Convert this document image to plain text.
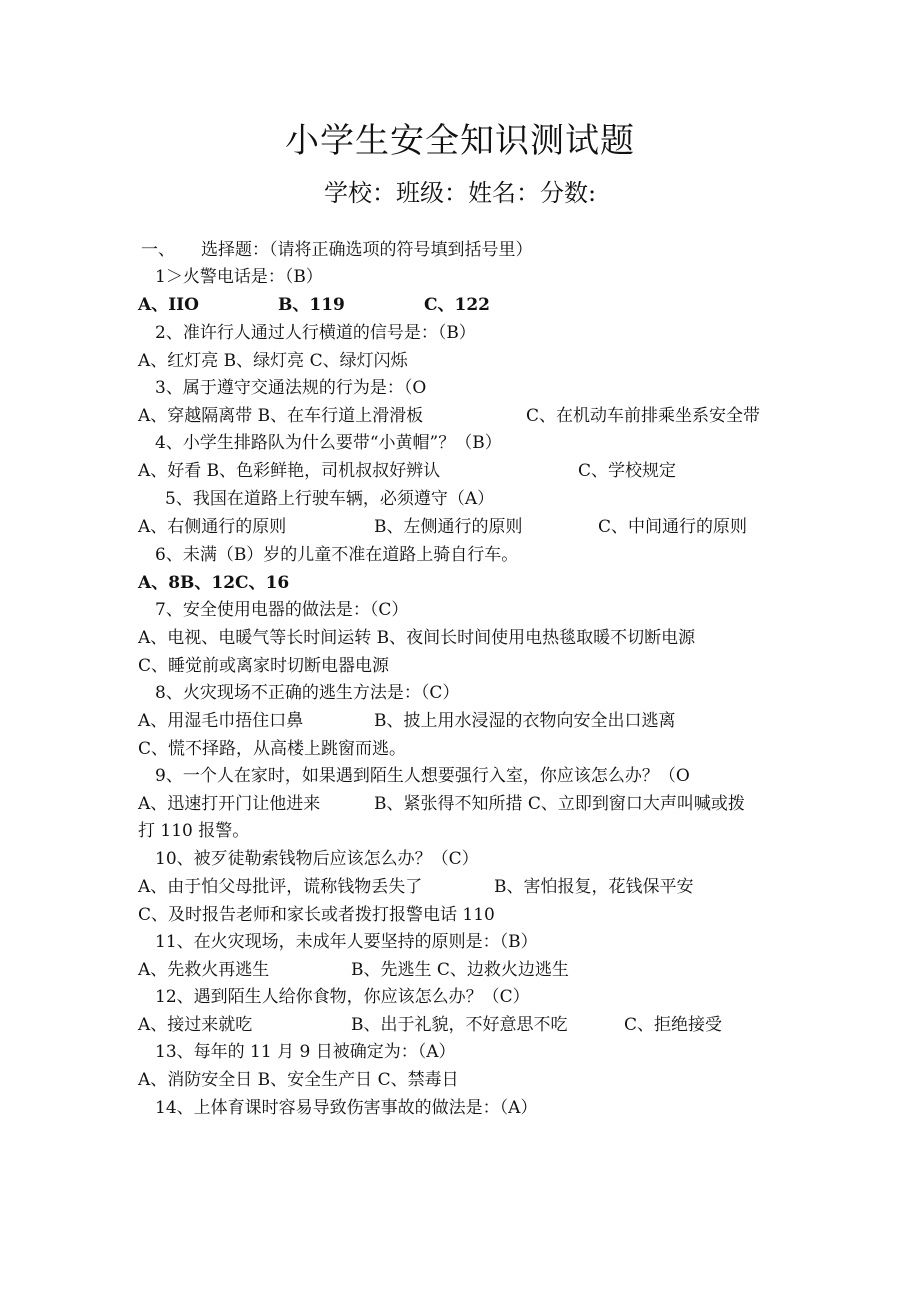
小学生安全知识测试题
学校：班级：姓名：分数:
一、 选择题：（请将正确选项的符号填到括号里）
1＞火警电话是：（B）
A、IIO	B、119	C、122
2、准许行人通过人行横道的信号是：（B）
A、红灯亮 B、绿灯亮 C、绿灯闪烁
3、属于遵守交通法规的行为是：（O
A、穿越隔离带 B、在车行道上滑滑板	C、在机动车前排乘坐系安全带
4、小学生排路队为什么要带“小黄帽”？（B）
A、好看 B、色彩鲜艳，司机叔叔好辨认	C、学校规定
5、我国在道路上行驶车辆，必须遵守（A）
A、右侧通行的原则	B、左侧通行的原则	C、中间通行的原则
6、未满（B）岁的儿童不准在道路上骑自行车。
A、8B、12C、16
7、安全使用电器的做法是：（C）
A、电视、电暖气等长时间运转 B、夜间长时间使用电热毯取暖不切断电源
C、睡觉前或离家时切断电器电源
8、火灾现场不正确的逃生方法是：（C）
A、用湿毛巾捂住口鼻	B、披上用水浸湿的衣物向安全出口逃离
C、慌不择路，从高楼上跳窗而逃。
9、一个人在家时，如果遇到陌生人想要强行入室，你应该怎么办？（O
A、迅速打开门让他进来	B、紧张得不知所措 C、立即到窗口大声叫喊或拨
打 110 报警。
10、被歹徒勒索钱物后应该怎么办？（C）
A、由于怕父母批评，谎称钱物丢失了	B、害怕报复，花钱保平安
C、及时报告老师和家长或者拨打报警电话 110
11、在火灾现场，未成年人要坚持的原则是：（B）
A、先救火再逃生	B、先逃生 C、边救火边逃生
12、遇到陌生人给你食物，你应该怎么办？（C）
A、接过来就吃	B、出于礼貌，不好意思不吃	C、拒绝接受
13、每年的 11 月 9 日被确定为：（A）
A、消防安全日 B、安全生产日 C、禁毒日
14、上体育课时容易导致伤害事故的做法是：（A）
